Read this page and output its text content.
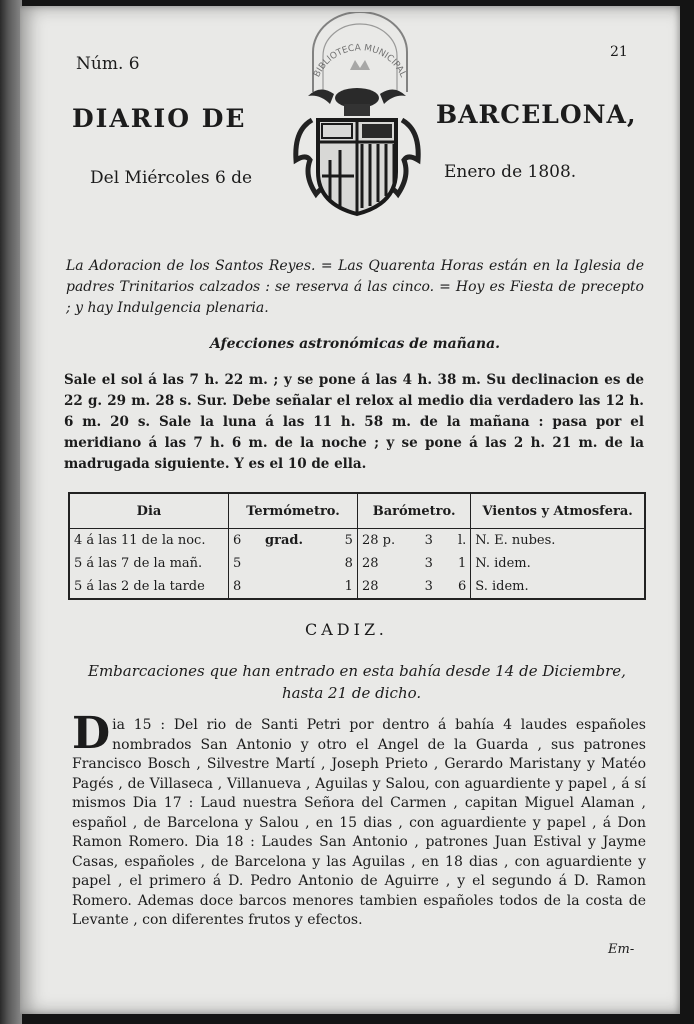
Núm. 6
21
BIBLIOTECA MUNICIPAL
DIARIO DE	BARCELONA,
Del Miércoles 6 de	Enero de 1808.
La Adoracion de los Santos Reyes. = Las Quarenta Horas están en la Iglesia de padres Trinitarios calzados : se reserva á las cinco. = Hoy es Fiesta de precepto ; y hay Indulgencia plenaria.
Afecciones astronómicas de mañana.
Sale el sol á las 7 h. 22 m. ; y se pone á las 4 h. 38 m. Su declinacion es de 22 g. 29 m. 28 s. Sur. Debe señalar el relox al medio dia verdadero las 12 h. 6 m. 20 s. Sale la luna á las 11 h. 58 m. de la mañana : pasa por el meridiano á las 7 h. 6 m. de la noche ; y se pone á las 2 h. 21 m. de la madrugada siguiente. Y es el 10 de ella.
Dia	Termómetro.			Barómetro.			Vientos y Atmosfera.
4 á las 11 de la noc.	6	grad.	5	28 p.	3	l.	N. E. nubes.
5 á las 7 de la mañ.	5		8	28	3	1	N. idem.
5 á las 2 de la tarde	8		1	28	3	6	S. idem.
CADIZ.
Embarcaciones que han entrado en esta bahía desde 14 de Diciembre,
hasta 21 de dicho.
Dia 15 : Del rio de Santi Petri por dentro á bahía 4 laudes españoles nombrados San Antonio y otro el Angel de la Guarda , sus patrones Francisco Bosch , Silvestre Martí , Joseph Prieto , Gerardo Maristany y Matéo Pagés , de Villaseca , Villanueva , Aguilas y Salou, con aguardiente y papel , á sí mismos Dia 17 : Laud nuestra Señora del Carmen , capitan Miguel Alaman , español , de Barcelona y Salou , en 15 dias , con aguardiente y papel , á Don Ramon Romero. Dia 18 : Laudes San Antonio , patrones Juan Estival y Jayme Casas, españoles , de Barcelona y las Aguilas , en 18 dias , con aguardiente y papel , el primero á D. Pedro Antonio de Aguirre , y el segundo á D. Ramon Romero. Ademas doce barcos menores tambien españoles todos de la costa de Levante , con diferentes frutos y efectos.
Em-
